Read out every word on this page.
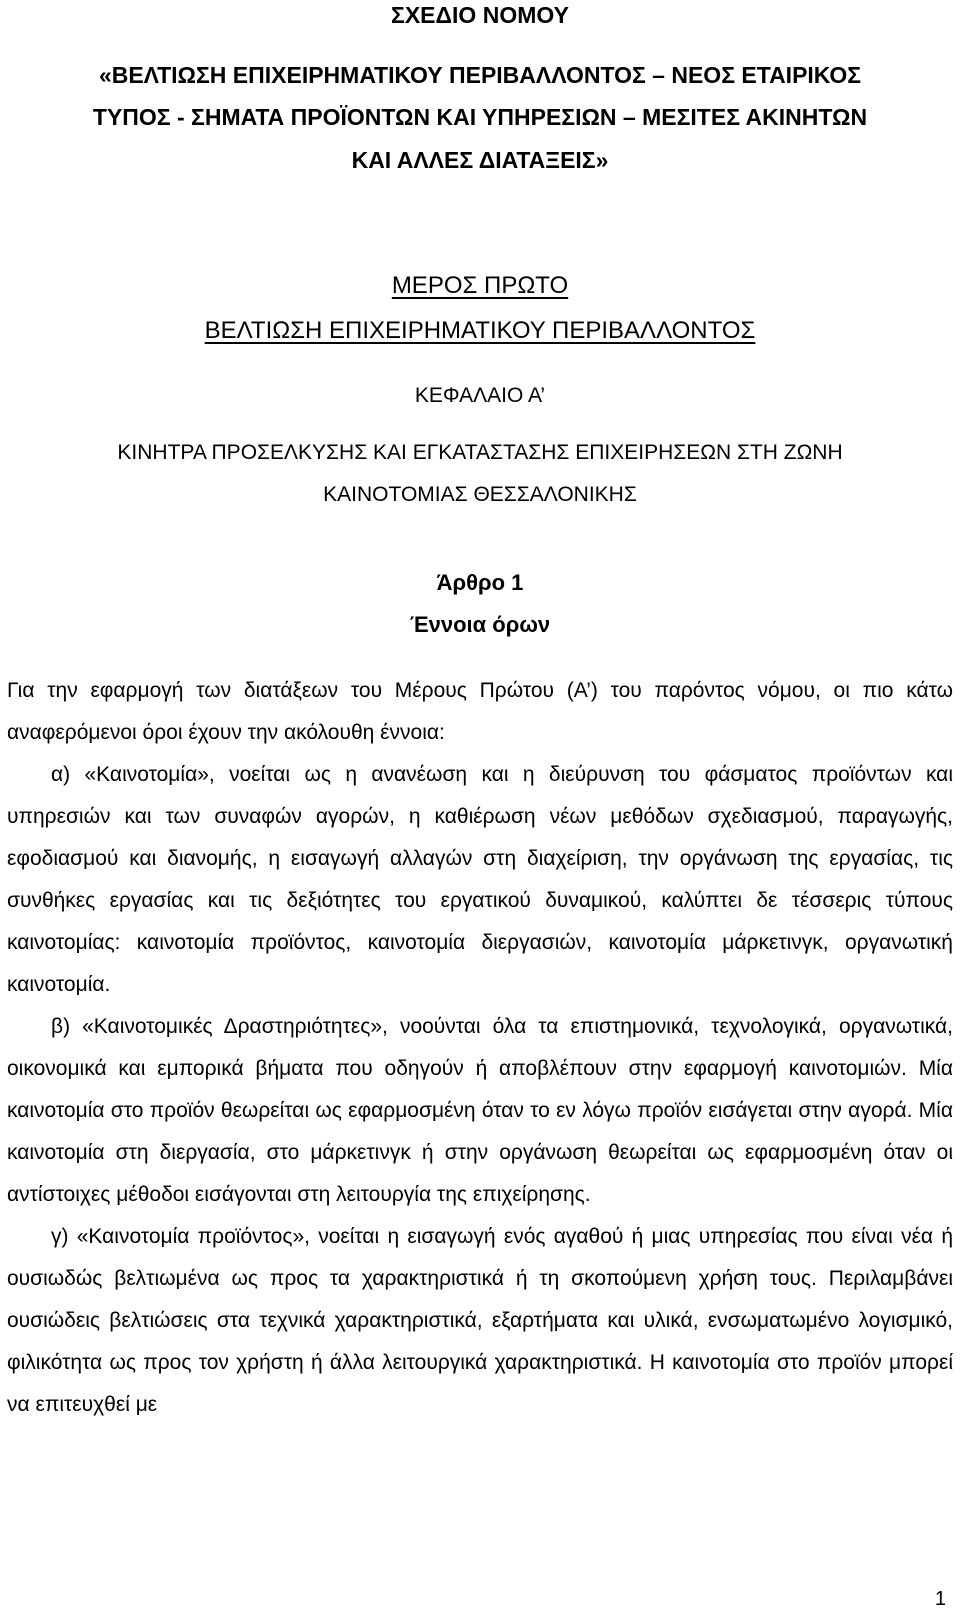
ΣΧΕΔΙΟ ΝΟΜΟΥ
«ΒΕΛΤΙΩΣΗ ΕΠΙΧΕΙΡΗΜΑΤΙΚΟΥ ΠΕΡΙΒΑΛΛΟΝΤΟΣ – ΝΕΟΣ ΕΤΑΙΡΙΚΟΣ
ΤΥΠΟΣ - ΣΗΜΑΤΑ ΠΡΟΪΟΝΤΩΝ ΚΑΙ ΥΠΗΡΕΣΙΩΝ – ΜΕΣΙΤΕΣ ΑΚΙΝΗΤΩΝ
ΚΑΙ ΑΛΛΕΣ ΔΙΑΤΑΞΕΙΣ»
ΜΕΡΟΣ ΠΡΩΤΟ
ΒΕΛΤΙΩΣΗ ΕΠΙΧΕΙΡΗΜΑΤΙΚΟΥ ΠΕΡΙΒΑΛΛΟΝΤΟΣ
ΚΕΦΑΛΑΙΟ Α’
ΚΙΝΗΤΡΑ ΠΡΟΣΕΛΚΥΣΗΣ ΚΑΙ ΕΓΚΑΤΑΣΤΑΣΗΣ ΕΠΙΧΕΙΡΗΣΕΩΝ ΣΤΗ ΖΩΝΗ
ΚΑΙΝΟΤΟΜΙΑΣ ΘΕΣΣΑΛΟΝΙΚΗΣ
Άρθρο 1
Έννοια όρων

Για την εφαρμογή των διατάξεων του Μέρους Πρώτου (Α’) του παρόντος νόμου, οι πιο κάτω αναφερόμενοι όροι έχουν την ακόλουθη έννοια:

α) «Καινοτομία», νοείται ως η ανανέωση και η διεύρυνση του φάσματος προϊόντων και υπηρεσιών και των συναφών αγορών, η καθιέρωση νέων μεθόδων σχεδιασμού, παραγωγής, εφοδιασμού και διανομής, η εισαγωγή αλλαγών στη διαχείριση, την οργάνωση της εργασίας, τις συνθήκες εργασίας και τις δεξιότητες του εργατικού δυναμικού, καλύπτει δε τέσσερις τύπους καινοτομίας: καινοτομία προϊόντος, καινοτομία διεργασιών, καινοτομία μάρκετινγκ, οργανωτική καινοτομία.

β) «Καινοτομικές Δραστηριότητες», νοούνται όλα τα επιστημονικά, τεχνολογικά, οργανωτικά, οικονομικά και εμπορικά βήματα που οδηγούν ή αποβλέπουν στην εφαρμογή καινοτομιών. Μία καινοτομία στο προϊόν θεωρείται ως εφαρμοσμένη όταν το εν λόγω προϊόν εισάγεται στην αγορά. Μία καινοτομία στη διεργασία, στο μάρκετινγκ ή στην οργάνωση θεωρείται ως εφαρμοσμένη όταν οι αντίστοιχες μέθοδοι εισάγονται στη λειτουργία της επιχείρησης.

γ) «Καινοτομία προϊόντος», νοείται η εισαγωγή ενός αγαθού ή μιας υπηρεσίας που είναι νέα ή ουσιωδώς βελτιωμένα ως προς τα χαρακτηριστικά ή τη σκοπούμενη χρήση τους. Περιλαμβάνει ουσιώδεις βελτιώσεις στα τεχνικά χαρακτηριστικά, εξαρτήματα και υλικά, ενσωματωμένο λογισμικό, φιλικότητα ως προς τον χρήστη ή άλλα λειτουργικά χαρακτηριστικά. Η καινοτομία στο προϊόν μπορεί να επιτευχθεί με

1
